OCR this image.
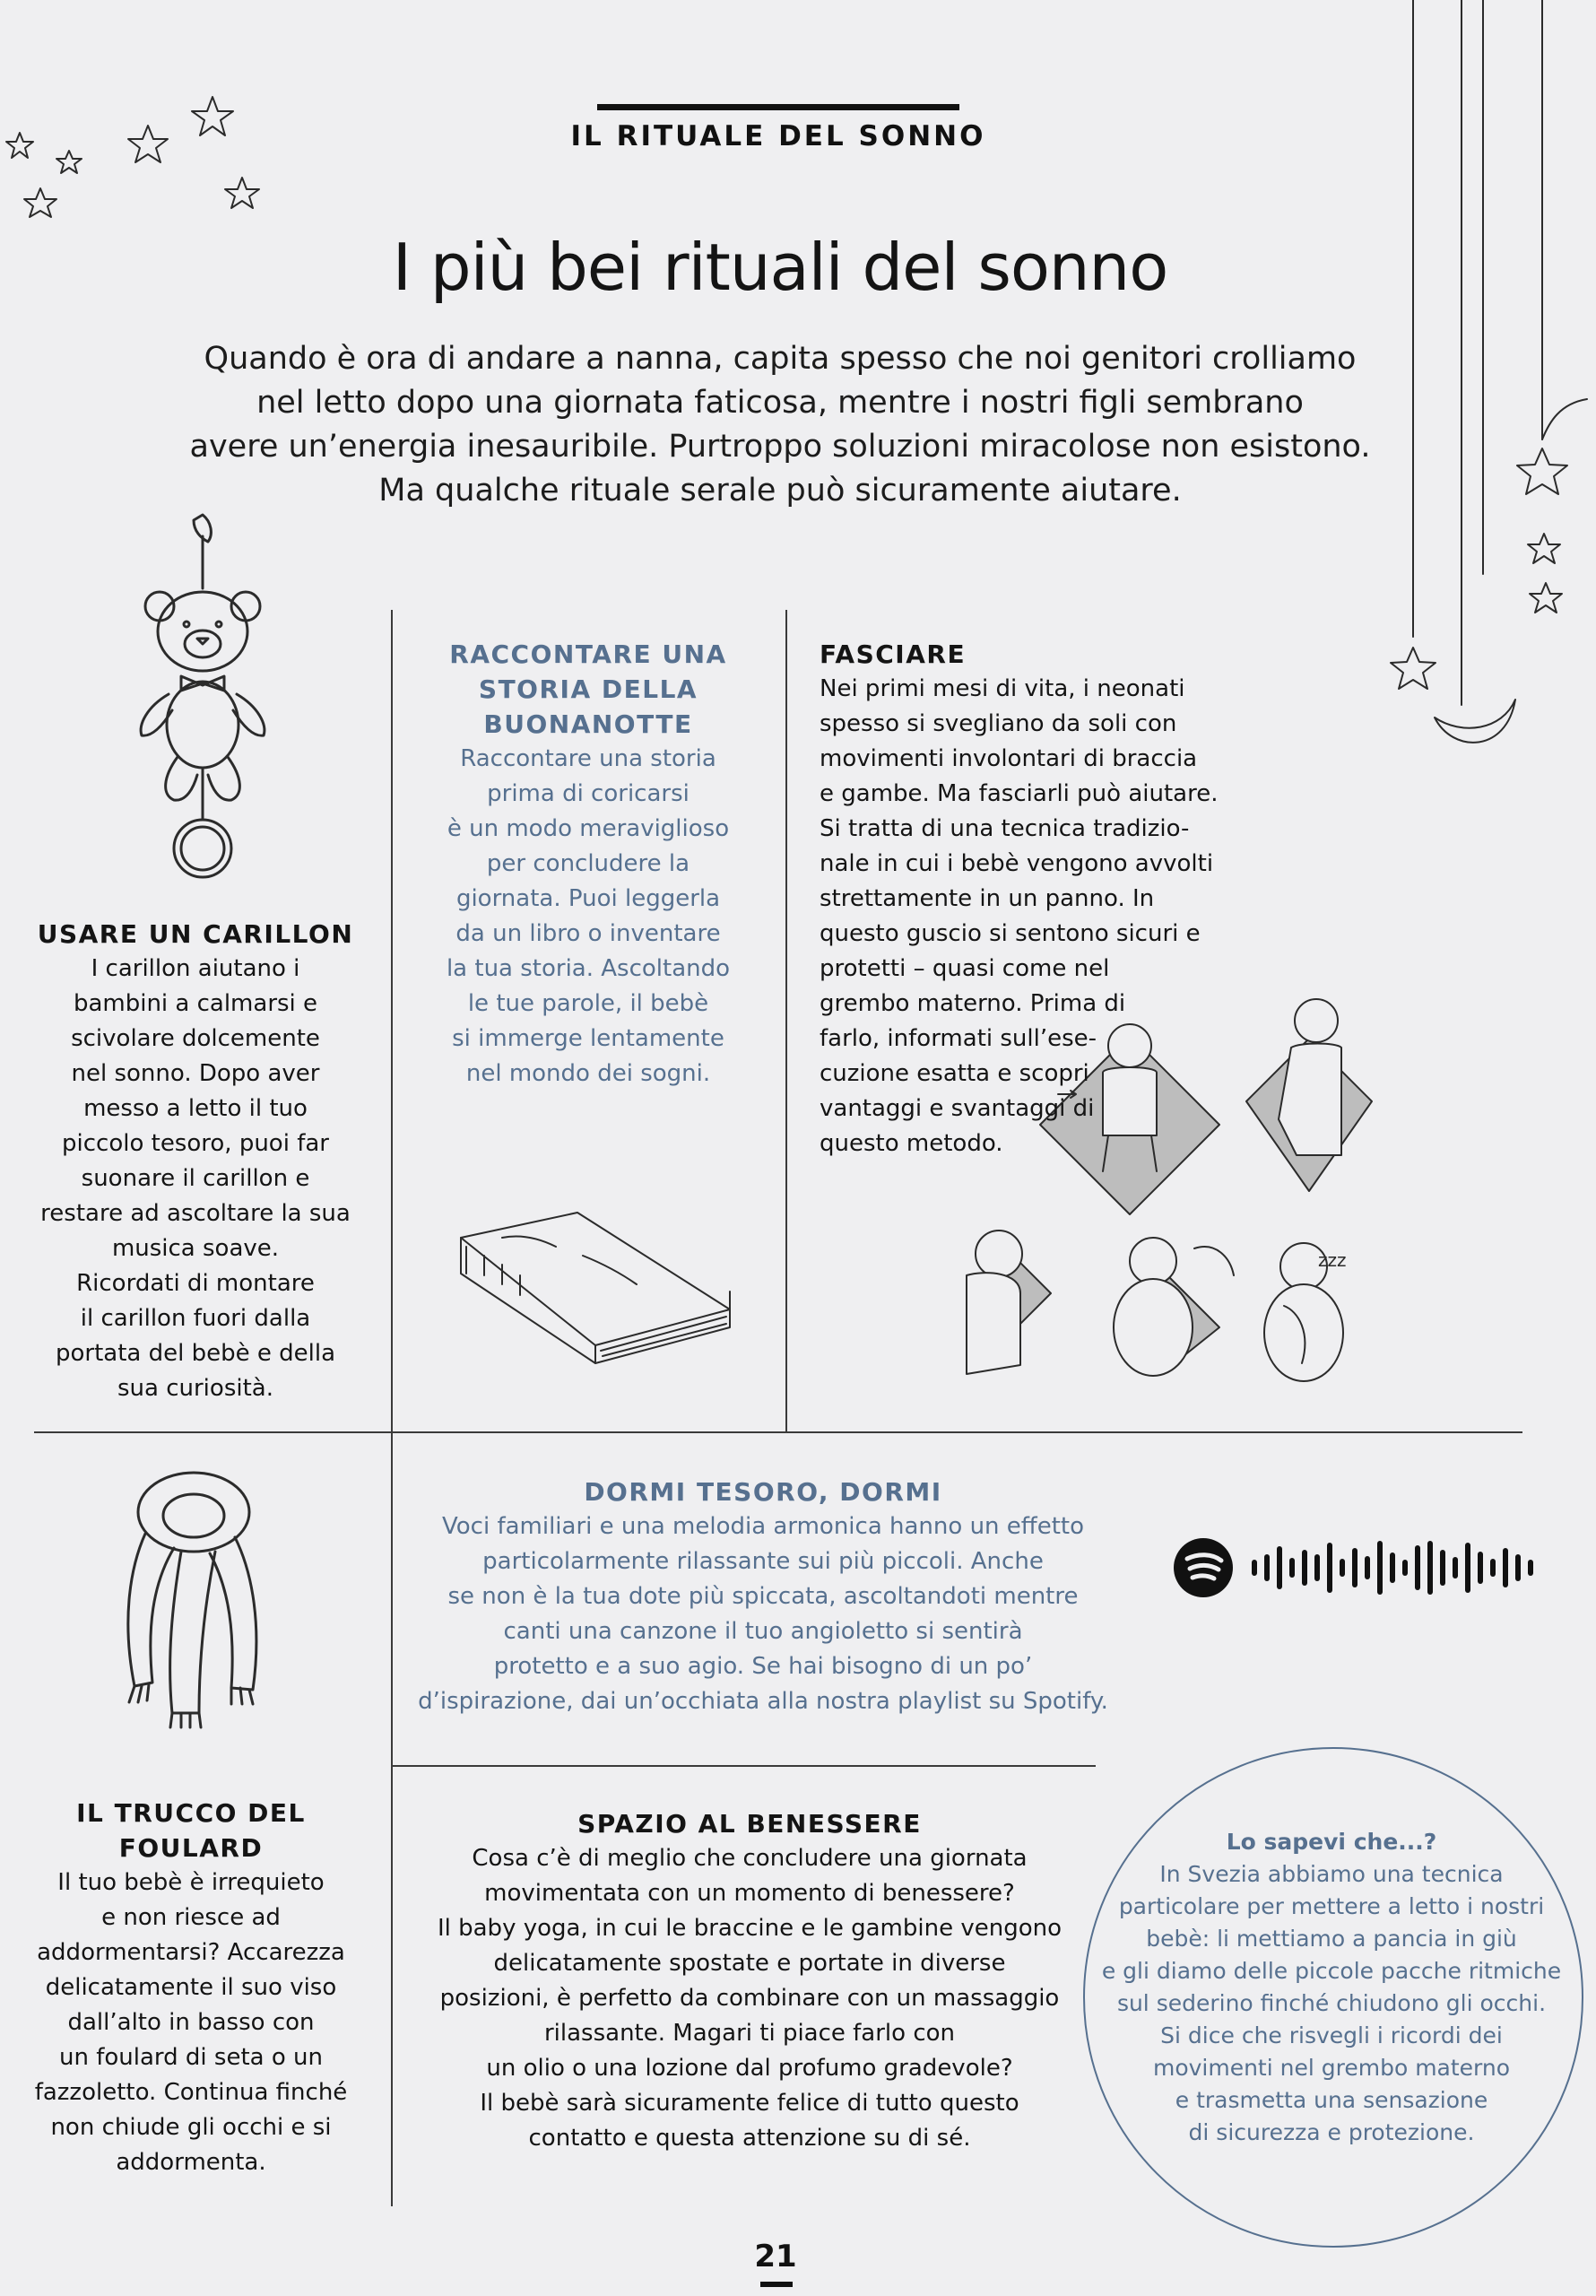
IL RITUALE DEL SONNO
I più bei rituali del sonno
Quando è ora di andare a nanna, capita spesso che noi genitori crolliamo
nel letto dopo una giornata faticosa, mentre i nostri figli sembrano
avere un’energia inesauribile. Purtroppo soluzioni miracolose non esistono.
Ma qualche rituale serale può sicuramente aiutare.
zzz
USARE UN CARILLON
I carillon aiutano i
bambini a calmarsi e
scivolare dolcemente
nel sonno. Dopo aver
messo a letto il tuo
piccolo tesoro, puoi far
suonare il carillon e
restare ad ascoltare la sua
musica soave.
Ricordati di montare
il carillon fuori dalla
portata del bebè e della
sua curiosità.
RACCONTARE UNA
STORIA DELLA
BUONANOTTE
Raccontare una storia
prima di coricarsi
è un modo meraviglioso
per concludere la
giornata. Puoi leggerla
da un libro o inventare
la tua storia. Ascoltando
le tue parole, il bebè
si immerge lentamente
nel mondo dei sogni.
FASCIARE
Nei primi mesi di vita, i neonati
spesso si svegliano da soli con
movimenti involontari di braccia
e gambe. Ma fasciarli può aiutare.
Si tratta di una tecnica tradizio-
nale in cui i bebè vengono avvolti
strettamente in un panno. In
questo guscio si sentono sicuri e
protetti – quasi come nel
grembo materno. Prima di
farlo, informati sull’ese-
cuzione esatta e scopri
vantaggi e svantaggi di
questo metodo.
DORMI TESORO, DORMI
Voci familiari e una melodia armonica hanno un effetto
particolarmente rilassante sui più piccoli. Anche
se non è la tua dote più spiccata, ascoltandoti mentre
canti una canzone il tuo angioletto si sentirà
protetto e a suo agio. Se hai bisogno di un po’
d’ispirazione, dai un’occhiata alla nostra playlist su Spotify.
IL TRUCCO DEL
FOULARD
Il tuo bebè è irrequieto
e non riesce ad
addormentarsi? Accarezza
delicatamente il suo viso
dall’alto in basso con
un foulard di seta o un
fazzoletto. Continua finché
non chiude gli occhi e si
addormenta.
SPAZIO AL BENESSERE
Cosa c’è di meglio che concludere una giornata
movimentata con un momento di benessere?
Il baby yoga, in cui le braccine e le gambine vengono
delicatamente spostate e portate in diverse
posizioni, è perfetto da combinare con un massaggio
rilassante. Magari ti piace farlo con
un olio o una lozione dal profumo gradevole?
Il bebè sarà sicuramente felice di tutto questo
contatto e questa attenzione su di sé.
Lo sapevi che...?
In Svezia abbiamo una tecnica
particolare per mettere a letto i nostri
bebè: li mettiamo a pancia in giù
e gli diamo delle piccole pacche ritmiche
sul sederino finché chiudono gli occhi.
Si dice che risvegli i ricordi dei
movimenti nel grembo materno
e trasmetta una sensazione
di sicurezza e protezione.
21
